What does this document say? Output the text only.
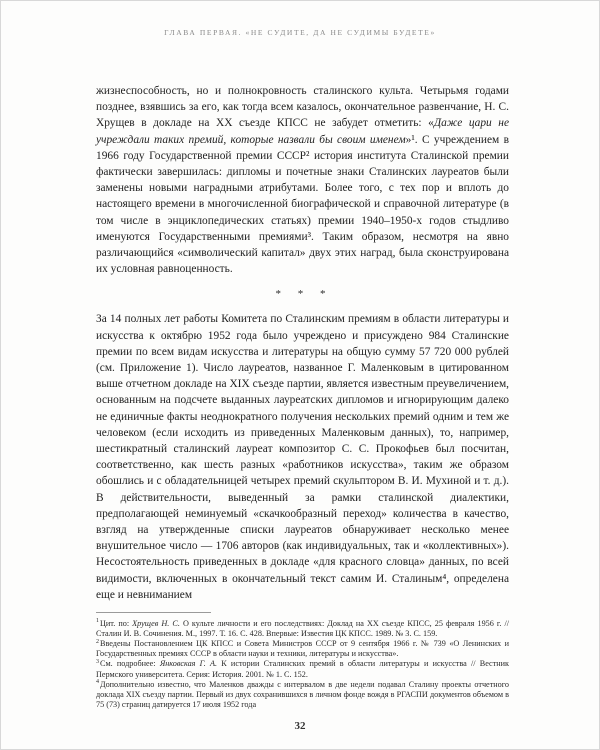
ГЛАВА ПЕРВАЯ. «НЕ СУДИТЕ, ДА НЕ СУДИМЫ БУДЕТЕ»

жизнеспособность, но и полнокровность сталинского культа. Четырьмя годами позднее, взявшись за его, как тогда всем казалось, окончательное развенчание, Н. С. Хрущев в докладе на XX съезде КПСС не забудет отметить: «Даже цари не учреждали таких премий, которые назвали бы своим именем»¹. С учреждением в 1966 году Государственной премии СССР² история института Сталинской премии фактически завершилась: дипломы и почетные знаки Сталинских лауреатов были заменены новыми наградными атрибутами. Более того, с тех пор и вплоть до настоящего времени в многочисленной биографической и справочной литературе (в том числе в энциклопедических статьях) премии 1940–1950-х годов стыдливо именуются Государственными премиями³. Таким образом, несмотря на явно различающийся «символический капитал» двух этих наград, была сконструирована их условная равноценность.

* * *

За 14 полных лет работы Комитета по Сталинским премиям в области литературы и искусства к октябрю 1952 года было учреждено и присуждено 984 Сталинские премии по всем видам искусства и литературы на общую сумму 57 720 000 рублей (см. Приложение 1). Число лауреатов, названное Г. Маленковым в цитированном выше отчетном докладе на XIX съезде партии, является известным преувеличением, основанным на подсчете выданных лауреатских дипломов и игнорирующим далеко не единичные факты неоднократного получения нескольких премий одним и тем же человеком (если исходить из приведенных Маленковым данных), то, например, шестикратный сталинский лауреат композитор С. С. Прокофьев был посчитан, соответственно, как шесть разных «работников искусства», таким же образом обошлись и с обладательницей четырех премий скульптором В. И. Мухиной и т. д.). В действительности, выведенный за рамки сталинской диалектики, предполагающей неминуемый «скачкообразный переход» количества в качество, взгляд на утвержденные списки лауреатов обнаруживает несколько менее внушительное число — 1706 авторов (как индивидуальных, так и «коллективных»). Несостоятельность приведенных в докладе «для красного словца» данных, по всей видимости, включенных в окончательный текст самим И. Сталиным⁴, определена еще и невниманием

$^1$Цит. по: Хрущев Н. С. О культе личности и его последствиях: Доклад на XX съезде КПСС, 25 февраля 1956 г. // Сталин И. В. Сочинения. М., 1997. Т. 16. С. 428. Впервые: Известия ЦК КПСС. 1989. № 3. С. 159.

$^2$Введены Постановлением ЦК КПСС и Совета Министров СССР от 9 сентября 1966 г. № 739 «О Ленинских и Государственных премиях СССР в области науки и техники, литературы и искусства».

$^3$См. подробнее: Янковская Г. А. К истории Сталинских премий в области литературы и искусства // Вестник Пермского университета. Серия: История. 2001. № 1. С. 152.

$^4$Дополнительно известно, что Маленков дважды с интервалом в две недели подавал Сталину проекты отчетного доклада XIX съезду партии. Первый из двух сохранившихся в личном фонде вождя в РГАСПИ документов объемом в 75 (73) страниц датируется 17 июля 1952 года

32
